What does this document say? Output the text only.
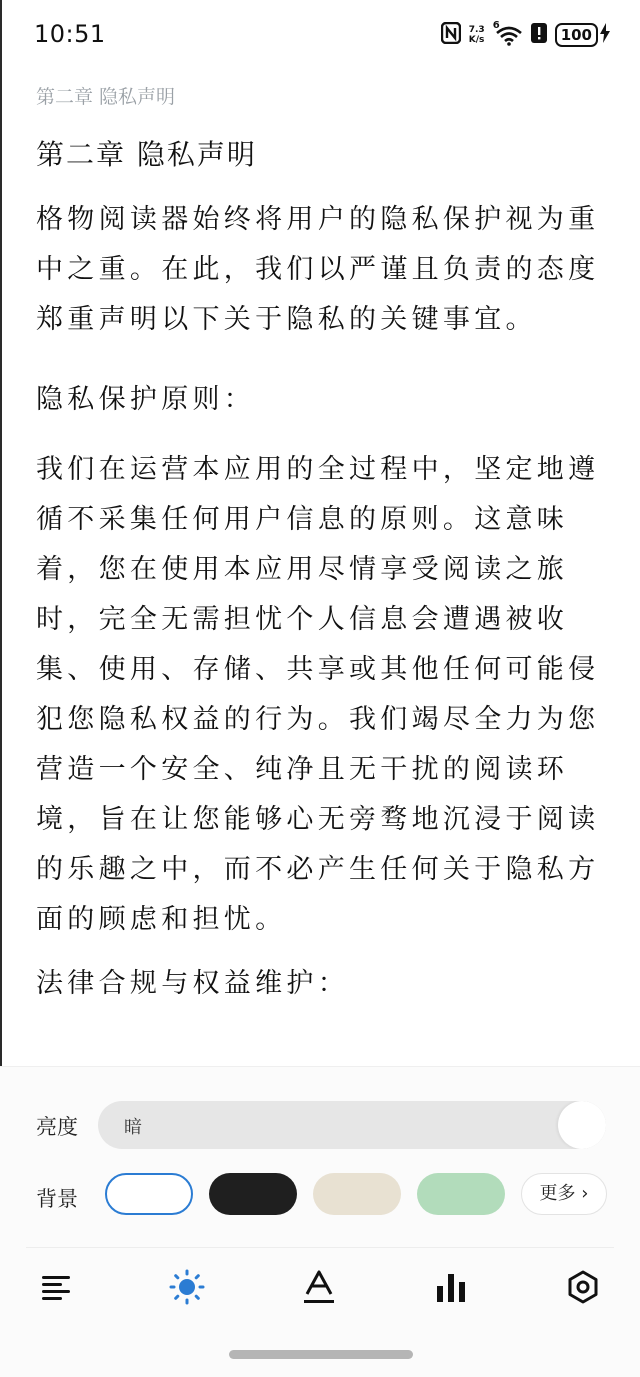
10:51	7.3
K/s
6
100
第二章 隐私声明
第二章 隐私声明

格物阅读器始终将用户的隐私保护视为重中之重。在此，我们以严谨且负责的态度郑重声明以下关于隐私的关键事宜。

隐私保护原则：

我们在运营本应用的全过程中，坚定地遵循不采集任何用户信息的原则。这意味着，您在使用本应用尽情享受阅读之旅时，完全无需担忧个人信息会遭遇被收集、使用、存储、共享或其他任何可能侵犯您隐私权益的行为。我们竭尽全力为您营造一个安全、纯净且无干扰的阅读环境，旨在让您能够心无旁骛地沉浸于阅读的乐趣之中，而不必产生任何关于隐私方面的顾虑和担忧。

法律合规与权益维护：

亮度	暗
背景	更多 ›
